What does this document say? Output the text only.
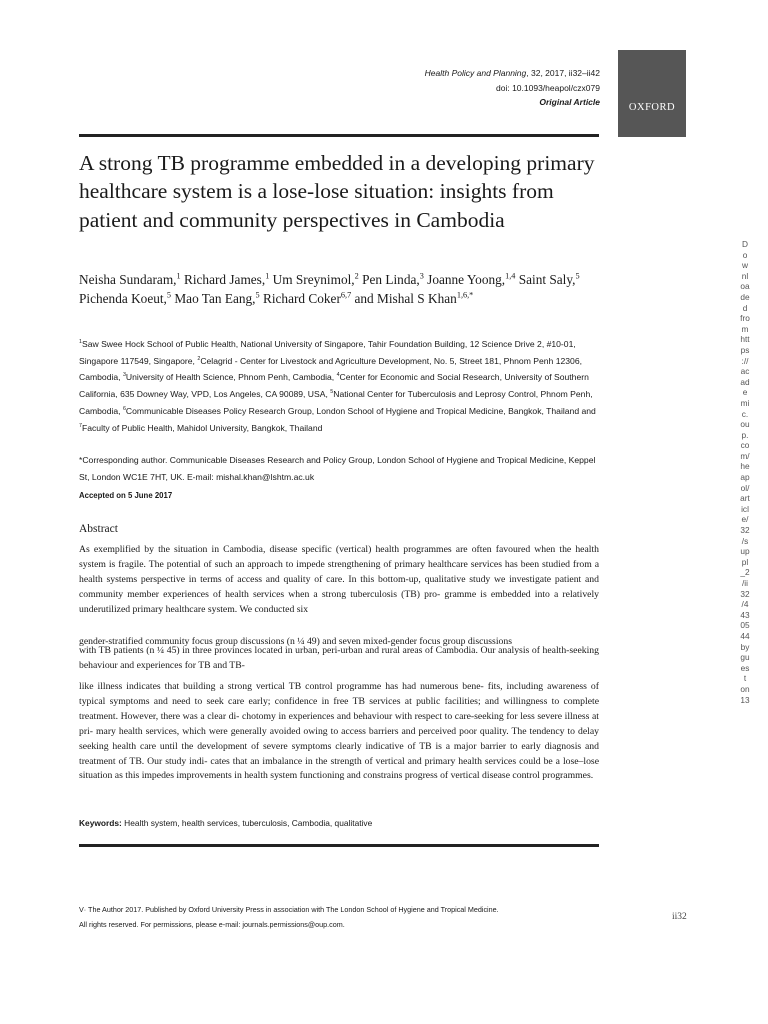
Health Policy and Planning, 32, 2017, ii32–ii42
doi: 10.1093/heapol/czx079
Original Article	OXFORD
A strong TB programme embedded in a developing primary healthcare system is a lose-lose situation: insights from patient and community perspectives in Cambodia
Neisha Sundaram,$^1$ Richard James,$^1$ Um Sreynimol,$^2$ Pen Linda,$^3$ Joanne Yoong,$^{1,4}$ Saint Saly,$^5$ Pichenda Koeut,$^5$ Mao Tan Eang,$^5$ Richard Coker$^{6,7}$ and Mishal S Khan$^{1,6,*}$
$^1$Saw Swee Hock School of Public Health, National University of Singapore, Tahir Foundation Building, 12 Science Drive 2, #10-01, Singapore 117549, Singapore, $^2$Celagrid - Center for Livestock and Agriculture Development, No. 5, Street 181, Phnom Penh 12306, Cambodia, $^3$University of Health Science, Phnom Penh, Cambodia, $^4$Center for Economic and Social Research, University of Southern California, 635 Downey Way, VPD, Los Angeles, CA 90089, USA, $^5$National Center for Tuberculosis and Leprosy Control, Phnom Penh, Cambodia, $^6$Communicable Diseases Policy Research Group, London School of Hygiene and Tropical Medicine, Bangkok, Thailand and $^7$Faculty of Public Health, Mahidol University, Bangkok, Thailand
*Corresponding author. Communicable Diseases Research and Policy Group, London School of Hygiene and Tropical Medicine, Keppel St, London WC1E 7HT, UK. E-mail: mishal.khan@lshtm.ac.uk
Accepted on 5 June 2017
Abstract

As exemplified by the situation in Cambodia, disease specific (vertical) health programmes are often favoured when the health system is fragile. The potential of such an approach to impede strengthening of primary healthcare services has been studied from a health systems perspective in terms of access and quality of care. In this bottom-up, qualitative study we investigate patient and community member experiences of health services when a strong tuberculosis (TB) pro- gramme is embedded into a relatively underutilized primary healthcare system. We conducted six

gender-stratified community focus group discussions (n ¼ 49) and seven mixed-gender focus group discussions

with TB patients (n ¼ 45) in three provinces located in urban, peri-urban and rural areas of Cambodia. Our analysis of health-seeking behaviour and experiences for TB and TB-

like illness indicates that building a strong vertical TB control programme has had numerous bene- fits, including awareness of typical symptoms and need to seek care early; confidence in free TB services at public facilities; and willingness to complete treatment. However, there was a clear di- chotomy in experiences and behaviour with respect to care-seeking for less severe illness at pri- mary health services, which were generally avoided owing to access barriers and perceived poor quality. The tendency to delay seeking health care until the development of severe symptoms clearly indicative of TB is a major barrier to early diagnosis and treatment of TB. Our study indi- cates that an imbalance in the strength of vertical and primary health services could be a lose–lose situation as this impedes improvements in health system functioning and constrains progress of vertical disease control programmes.

Keywords: Health system, health services, tuberculosis, Cambodia, qualitative
V· The Author 2017. Published by Oxford University Press in association with The London School of Hygiene and Tropical Medicine.
All rights reserved. For permissions, please e-mail: journals.permissions@oup.com.
ii32
D
o
w
nl
oa
de
d
fro
m
htt
ps
://
ac
ad
e
mi
c.
ou
p.
co
m/
he
ap
ol/
art
icl
e/
32
/s
up
pl
_2
/ii
32
/4
43
05
44
by
gu
es
t
on
13
